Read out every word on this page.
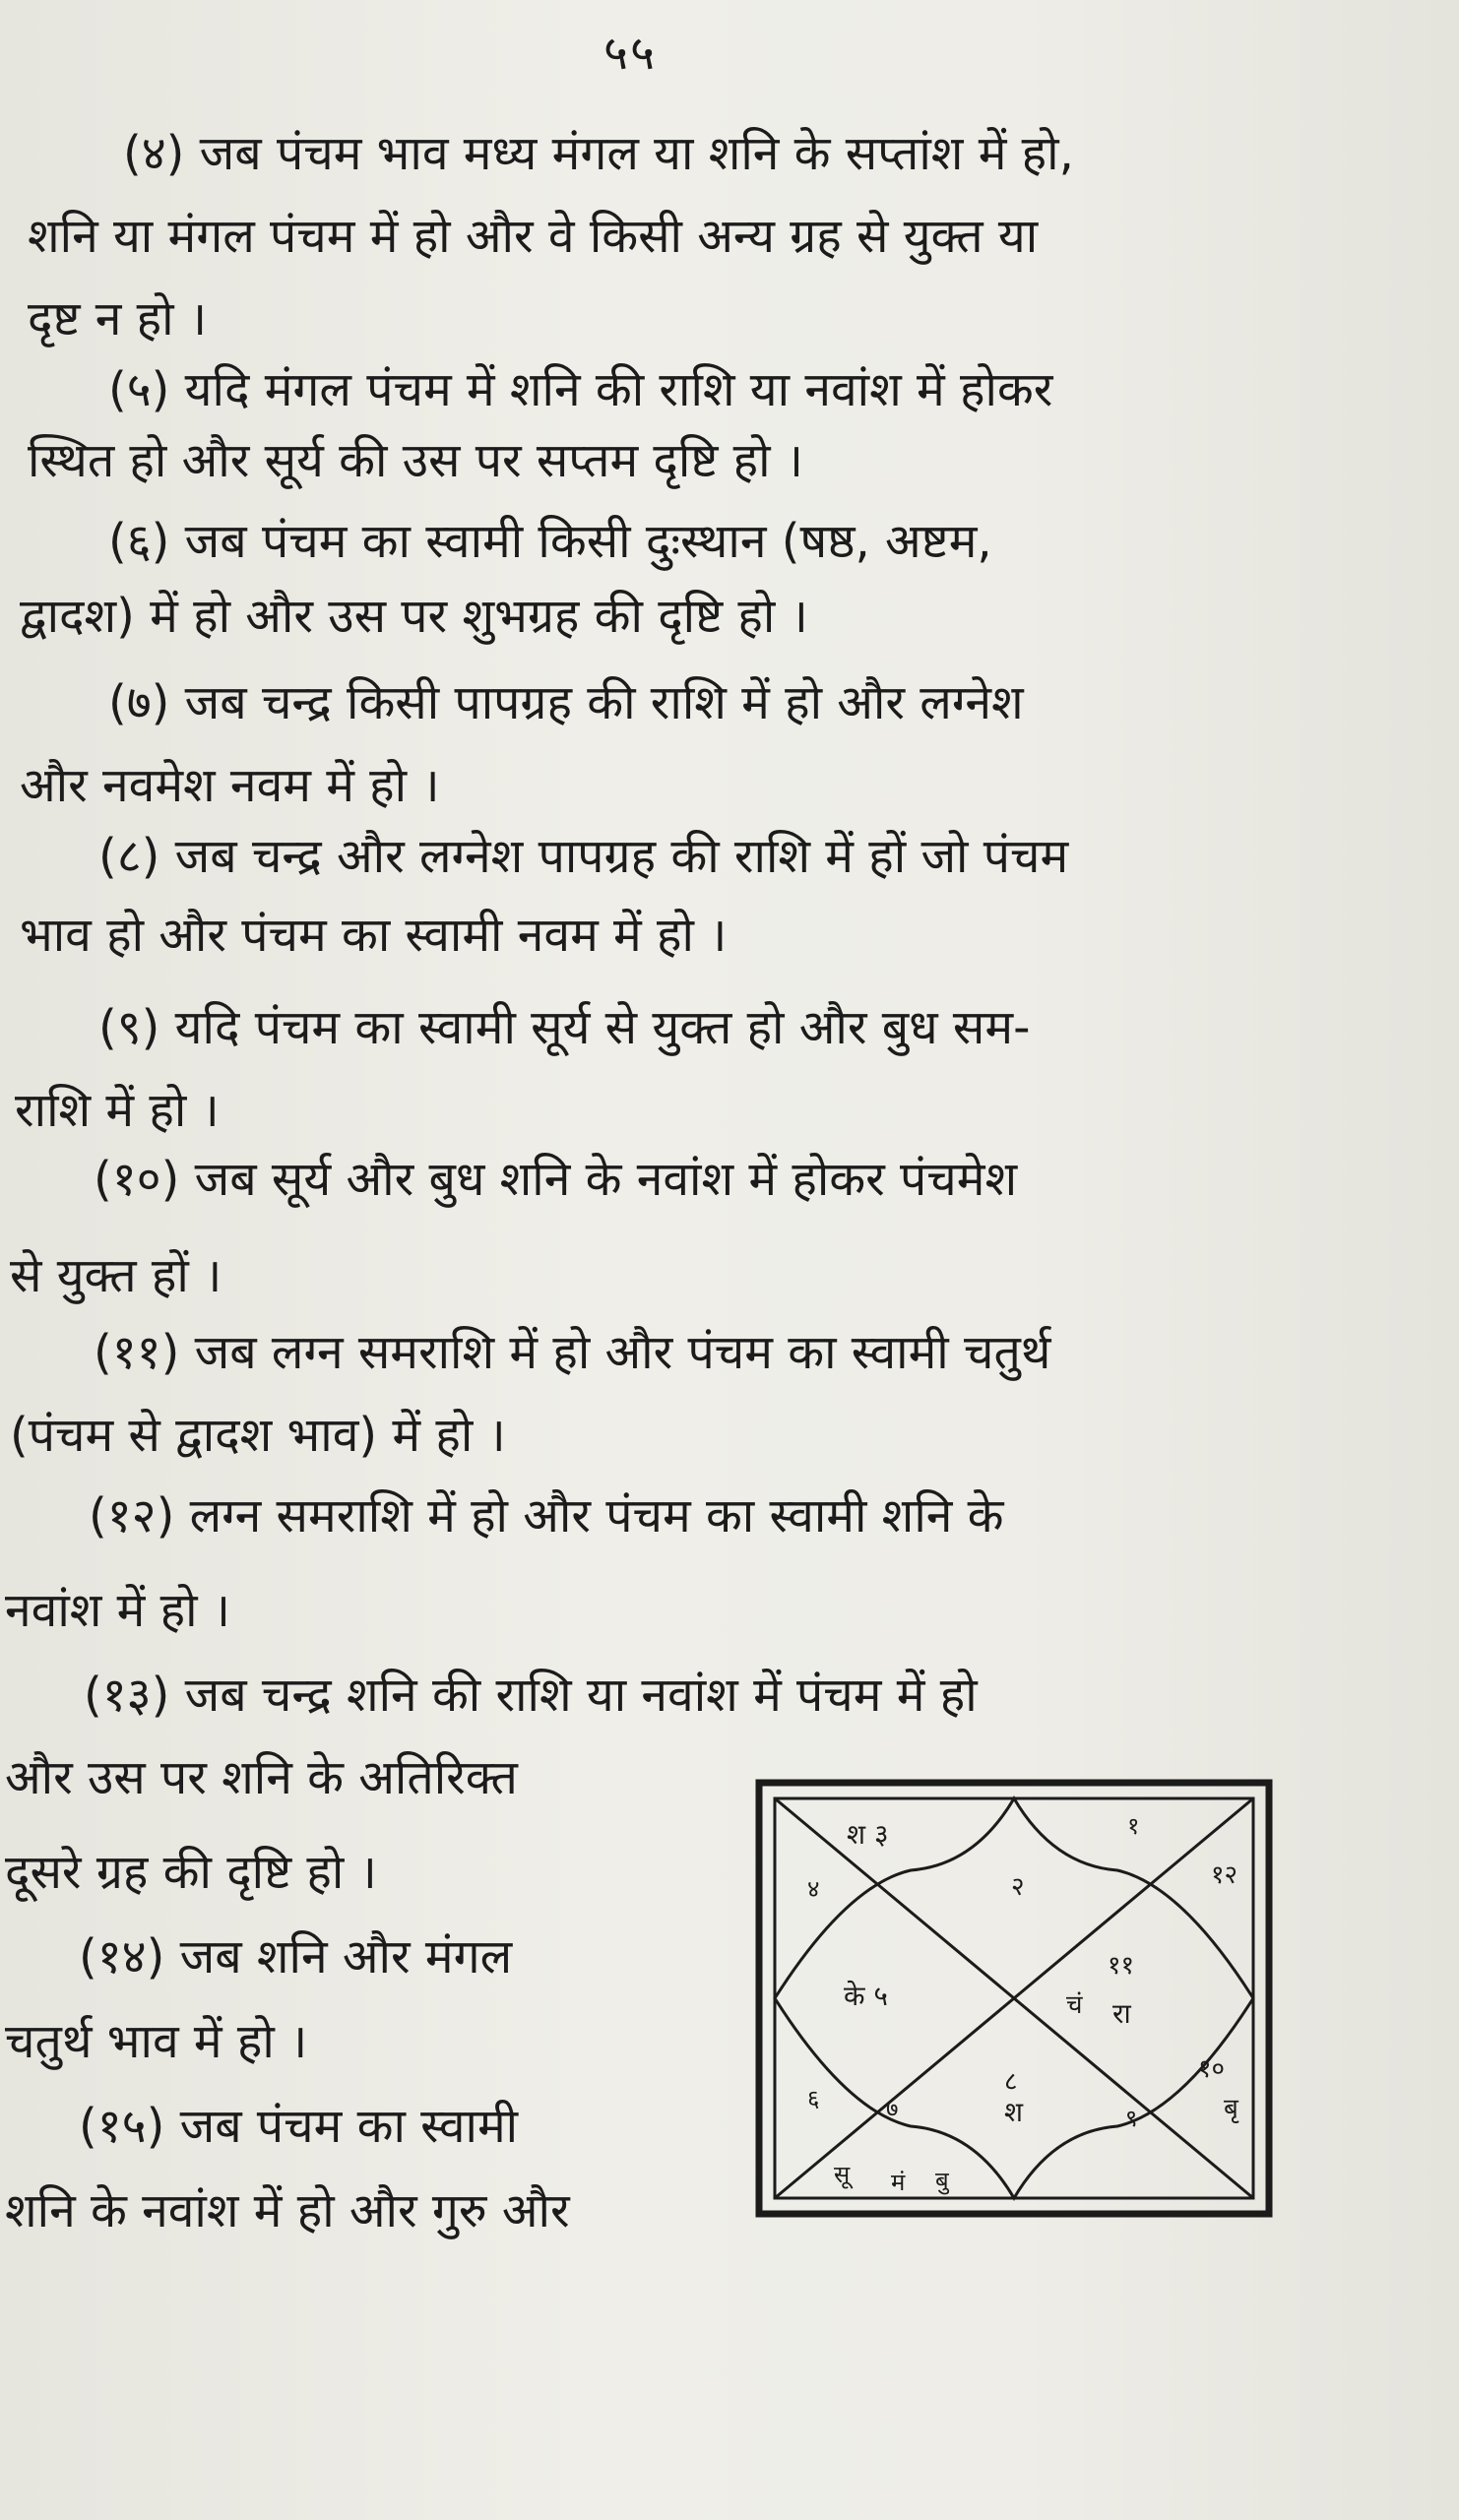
५५
(४) जब पंचम भाव मध्य मंगल या शनि के सप्तांश में हो,
शनि या मंगल पंचम में हो और वे किसी अन्य ग्रह से युक्त या
दृष्ट न हो ।
(५) यदि मंगल पंचम में शनि की राशि या नवांश में होकर
स्थित हो और सूर्य की उस पर सप्तम दृष्टि हो ।
(६) जब पंचम का स्वामी किसी दुःस्थान (षष्ठ, अष्टम,
द्वादश) में हो और उस पर शुभग्रह की दृष्टि हो ।
(७) जब चन्द्र किसी पापग्रह की राशि में हो और लग्नेश
और नवमेश नवम में हो ।
(८) जब चन्द्र और लग्नेश पापग्रह की राशि में हों जो पंचम
भाव हो और पंचम का स्वामी नवम में हो ।
(९) यदि पंचम का स्वामी सूर्य से युक्त हो और बुध सम-
राशि में हो ।
(१०) जब सूर्य और बुध शनि के नवांश में होकर पंचमेश
से युक्त हों ।
(११) जब लग्न समराशि में हो और पंचम का स्वामी चतुर्थ
(पंचम से द्वादश भाव) में हो ।
(१२) लग्न समराशि में हो और पंचम का स्वामी शनि के
नवांश में हो ।
(१३) जब चन्द्र शनि की राशि या नवांश में पंचम में हो
और उस पर शनि के अतिरिक्त
दूसरे ग्रह की दृष्टि हो ।
(१४) जब शनि और मंगल
चतुर्थ भाव में हो ।
(१५) जब पंचम का स्वामी
शनि के नवांश में हो और गुरु और
श ३	१
२	१२
४
के ५
११
चं रा
१०
बृ
६	७
८
श	९
सू मं बु
